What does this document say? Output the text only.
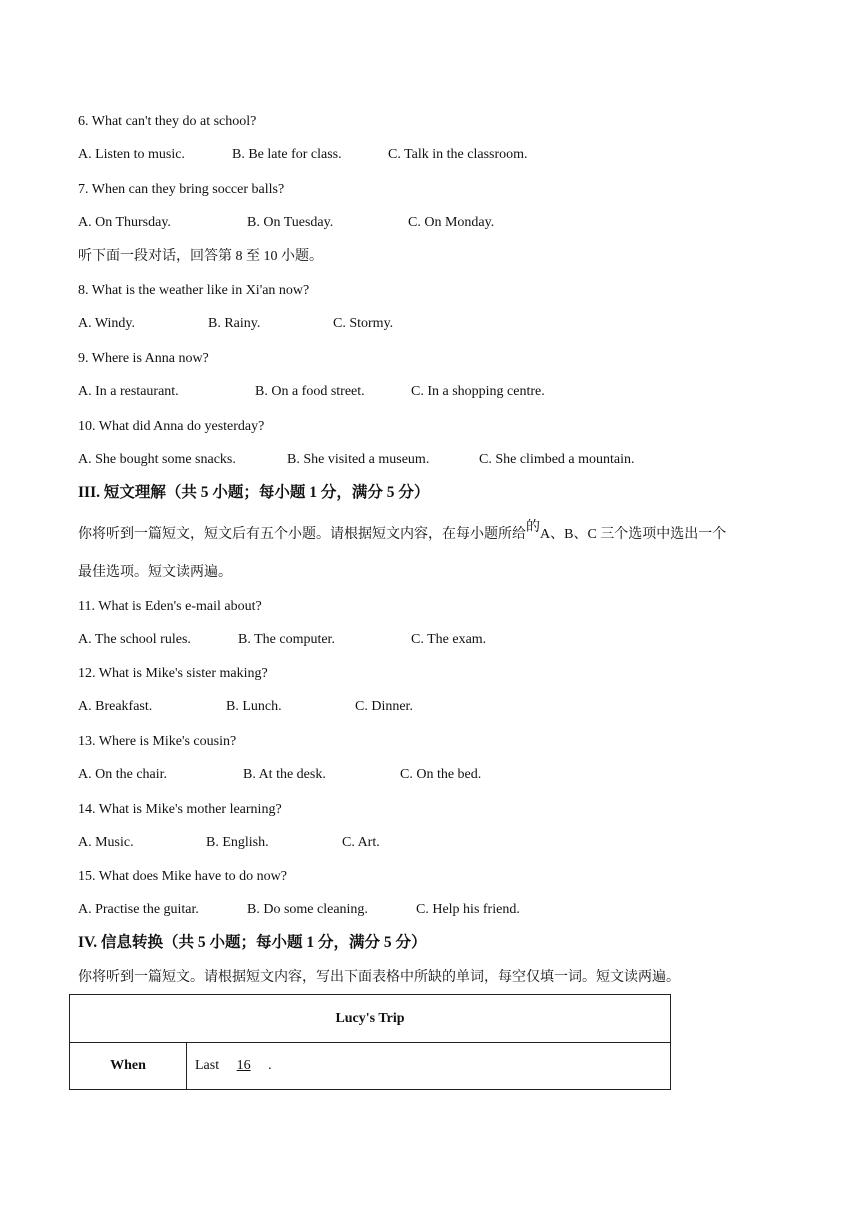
6. What can't they do at school?
A. Listen to music.	B. Be late for class.	C. Talk in the classroom.
7. When can they bring soccer balls?
A. On Thursday.	B. On Tuesday.	C. On Monday.
听下面一段对话，回答第 8 至 10 小题。
8. What is the weather like in Xi'an now?
A. Windy.	B. Rainy.	C. Stormy.
9. Where is Anna now?
A. In a restaurant.	B. On a food street.	C. In a shopping centre.
10. What did Anna do yesterday?
A. She bought some snacks.	B. She visited a museum.	C. She climbed a mountain.
III. 短文理解（共 5 小题；每小题 1 分，满分 5 分）
你将听到一篇短文，短文后有五个小题。请根据短文内容，在每小题所给的A、B、C 三个选项中选出一个
最佳选项。短文读两遍。
11. What is Eden's e-mail about?
A. The school rules.	B. The computer.	C. The exam.
12. What is Mike's sister making?
A. Breakfast.	B. Lunch.	C. Dinner.
13. Where is Mike's cousin?
A. On the chair.	B. At the desk.	C. On the bed.
14. What is Mike's mother learning?
A. Music.	B. English.	C. Art.
15. What does Mike have to do now?
A. Practise the guitar.	B. Do some cleaning.	C. Help his friend.
IV. 信息转换（共 5 小题；每小题 1 分，满分 5 分）
你将听到一篇短文。请根据短文内容，写出下面表格中所缺的单词，每空仅填一词。短文读两遍。
Lucy's Trip
When	Last 16 .
